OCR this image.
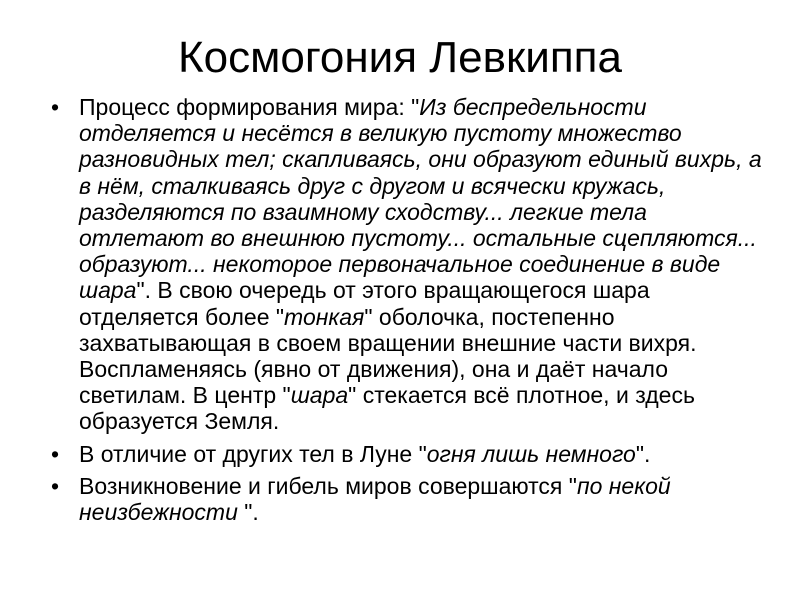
Космогония Левкиппа
• Процесс формирования мира: "Из беспредельности отделяется и несётся в великую пустоту множество разновидных тел; скапливаясь, они образуют единый вихрь, а в нём, сталкиваясь друг с другом и всячески кружась, разделяются по взаимному сходству... легкие тела отлетают во внешнюю пустоту... остальные сцепляются... образуют... некоторое первоначальное соединение в виде шара". В свою очередь от этого вращающегося шара отделяется более "тонкая" оболочка, постепенно захватывающая в своем вращении внешние части вихря. Воспламеняясь (явно от движения), она и даёт начало светилам. В центр "шара" стекается всё плотное, и здесь образуется Земля.
• В отличие от других тел в Луне "огня лишь немного".
• Возникновение и гибель миров совершаются "по некой неизбежности ".
